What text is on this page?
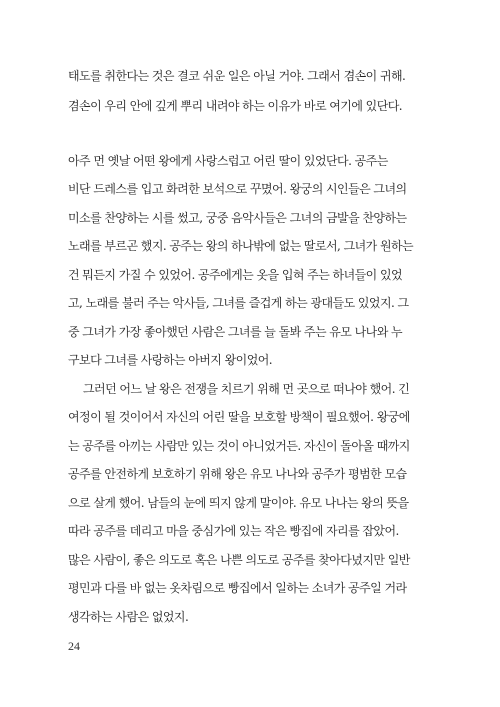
태도를 취한다는 것은 결코 쉬운 일은 아닐 거야. 그래서 겸손이 귀해.
겸손이 우리 안에 깊게 뿌리 내려야 하는 이유가 바로 여기에 있단다.
아주 먼 옛날 어떤 왕에게 사랑스럽고 어린 딸이 있었단다. 공주는
비단 드레스를 입고 화려한 보석으로 꾸몄어. 왕궁의 시인들은 그녀의
미소를 찬양하는 시를 썼고, 궁중 음악사들은 그녀의 금발을 찬양하는
노래를 부르곤 했지. 공주는 왕의 하나밖에 없는 딸로서, 그녀가 원하는
건 뭐든지 가질 수 있었어. 공주에게는 옷을 입혀 주는 하녀들이 있었
고, 노래를 불러 주는 악사들, 그녀를 즐겁게 하는 광대들도 있었지. 그
중 그녀가 가장 좋아했던 사람은 그녀를 늘 돌봐 주는 유모 나나와 누
구보다 그녀를 사랑하는 아버지 왕이었어.
그러던 어느 날 왕은 전쟁을 치르기 위해 먼 곳으로 떠나야 했어. 긴
여정이 될 것이어서 자신의 어린 딸을 보호할 방책이 필요했어. 왕궁에
는 공주를 아끼는 사람만 있는 것이 아니었거든. 자신이 돌아올 때까지
공주를 안전하게 보호하기 위해 왕은 유모 나나와 공주가 평범한 모습
으로 살게 했어. 남들의 눈에 띄지 않게 말이야. 유모 나나는 왕의 뜻을
따라 공주를 데리고 마을 중심가에 있는 작은 빵집에 자리를 잡았어.
많은 사람이, 좋은 의도로 혹은 나쁜 의도로 공주를 찾아다녔지만 일반
평민과 다를 바 없는 옷차림으로 빵집에서 일하는 소녀가 공주일 거라
생각하는 사람은 없었지.
24
